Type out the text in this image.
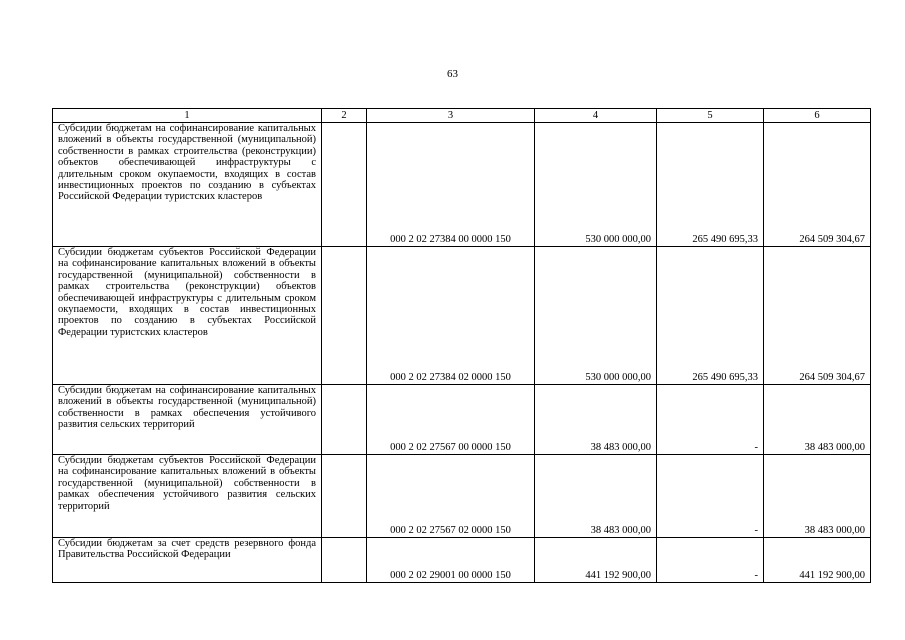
63
1	2	3	4	5	6
Субсидии бюджетам на софинансирование капитальных вложений в объекты государственной (муниципальной) собственности в рамках строительства (реконструкции) объектов обеспечивающей инфраструктуры с длительным сроком окупаемости, входящих в состав инвестиционных проектов по созданию в субъектах Российской Федерации туристских кластеров		000 2 02 27384 00 0000 150	530 000 000,00	265 490 695,33	264 509 304,67
Субсидии бюджетам субъектов Российской Федерации на софинансирование капитальных вложений в объекты государственной (муниципальной) собственности в рамках строительства (реконструкции) объектов обеспечивающей инфраструктуры с длительным сроком окупаемости, входящих в состав инвестиционных проектов по созданию в субъектах Российской Федерации туристских кластеров		000 2 02 27384 02 0000 150	530 000 000,00	265 490 695,33	264 509 304,67
Субсидии бюджетам на софинансирование капитальных вложений в объекты государственной (муниципальной) собственности в рамках обеспечения устойчивого развития сельских территорий		000 2 02 27567 00 0000 150	38 483 000,00	-	38 483 000,00
Субсидии бюджетам субъектов Российской Федерации на софинансирование капитальных вложений в объекты государственной (муниципальной) собственности в рамках обеспечения устойчивого развития сельских территорий		000 2 02 27567 02 0000 150	38 483 000,00	-	38 483 000,00
Субсидии бюджетам за счет средств резервного фонда Правительства Российской Федерации		000 2 02 29001 00 0000 150	441 192 900,00	-	441 192 900,00
